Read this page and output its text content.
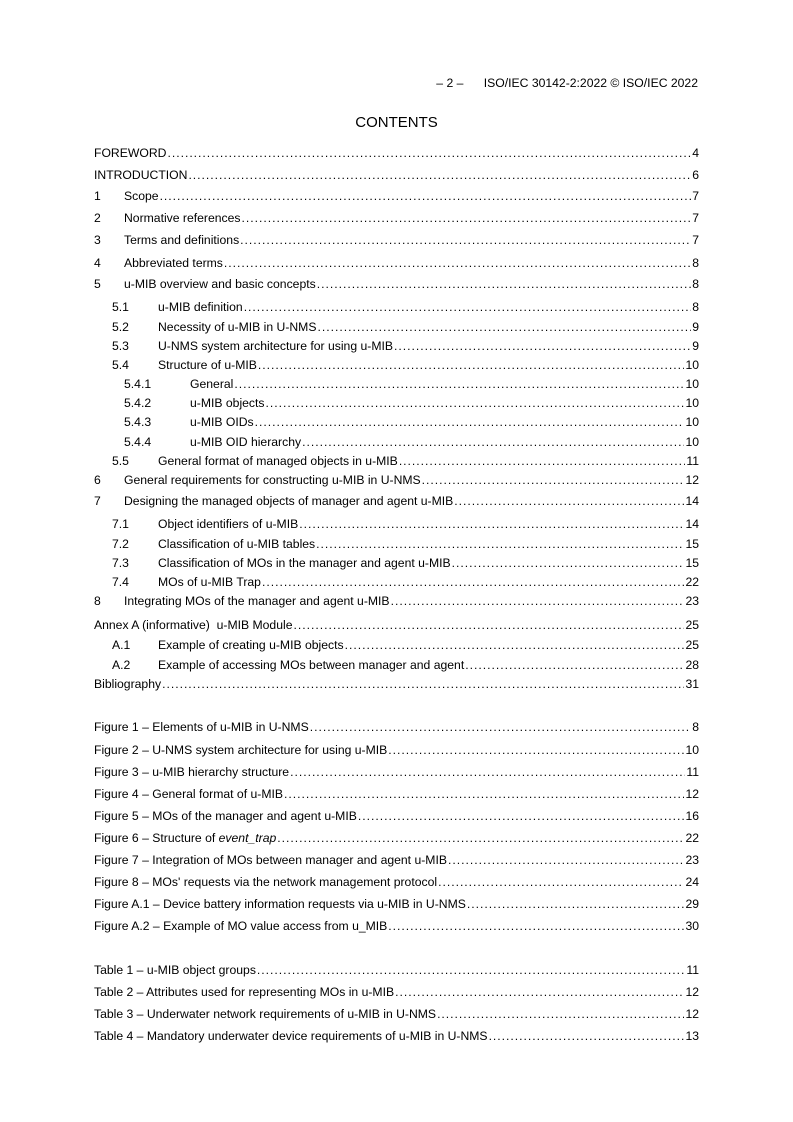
– 2 – ISO/IEC 30142-2:2022 © ISO/IEC 2022
CONTENTS
FOREWORD . . .	4
INTRODUCTION . . .	6
1	Scope . . .	7
2	Normative references . . .	7
3	Terms and definitions . . .	7
4	Abbreviated terms . . .	8
5	u-MIB overview and basic concepts . . .	8
5.1	u-MIB definition . . .	8
5.2	Necessity of u-MIB in U-NMS . . .	9
5.3	U-NMS system architecture for using u-MIB . . .	9
5.4	Structure of u-MIB . . .	10
5.4.1	General . . .	10
5.4.2	u-MIB objects . . .	10
5.4.3	u-MIB OIDs . . .	10
5.4.4	u-MIB OID hierarchy . . .	10
5.5	General format of managed objects in u-MIB . . .	11
6	General requirements for constructing u-MIB in U-NMS . . .	12
7	Designing the managed objects of manager and agent u-MIB . . .	14
7.1	Object identifiers of u-MIB . . .	14
7.2	Classification of u-MIB tables . . .	15
7.3	Classification of MOs in the manager and agent u-MIB . . .	15
7.4	MOs of u-MIB Trap . . .	22
8	Integrating MOs of the manager and agent u-MIB . . .	23
Annex A (informative)  u-MIB Module . . .	25
A.1	Example of creating u-MIB objects . . .	25
A.2	Example of accessing MOs between manager and agent . . .	28
Bibliography . . .	31
Figure 1 – Elements of u-MIB in U-NMS . . .	8
Figure 2 – U-NMS system architecture for using u-MIB . . .	10
Figure 3 – u-MIB hierarchy structure . . .	11
Figure 4 – General format of u-MIB . . .	12
Figure 5 – MOs of the manager and agent u-MIB . . .	16
Figure 6 – Structure of event_trap . . .	22
Figure 7 – Integration of MOs between manager and agent u-MIB . . .	23
Figure 8 – MOs' requests via the network management protocol . . .	24
Figure A.1 – Device battery information requests via u-MIB in U-NMS . . .	29
Figure A.2 – Example of MO value access from u_MIB . . .	30
Table 1 – u-MIB object groups . . .	11
Table 2 – Attributes used for representing MOs in u-MIB . . .	12
Table 3 – Underwater network requirements of u-MIB in U-NMS . . .	12
Table 4 – Mandatory underwater device requirements of u-MIB in U-NMS . . .	13
